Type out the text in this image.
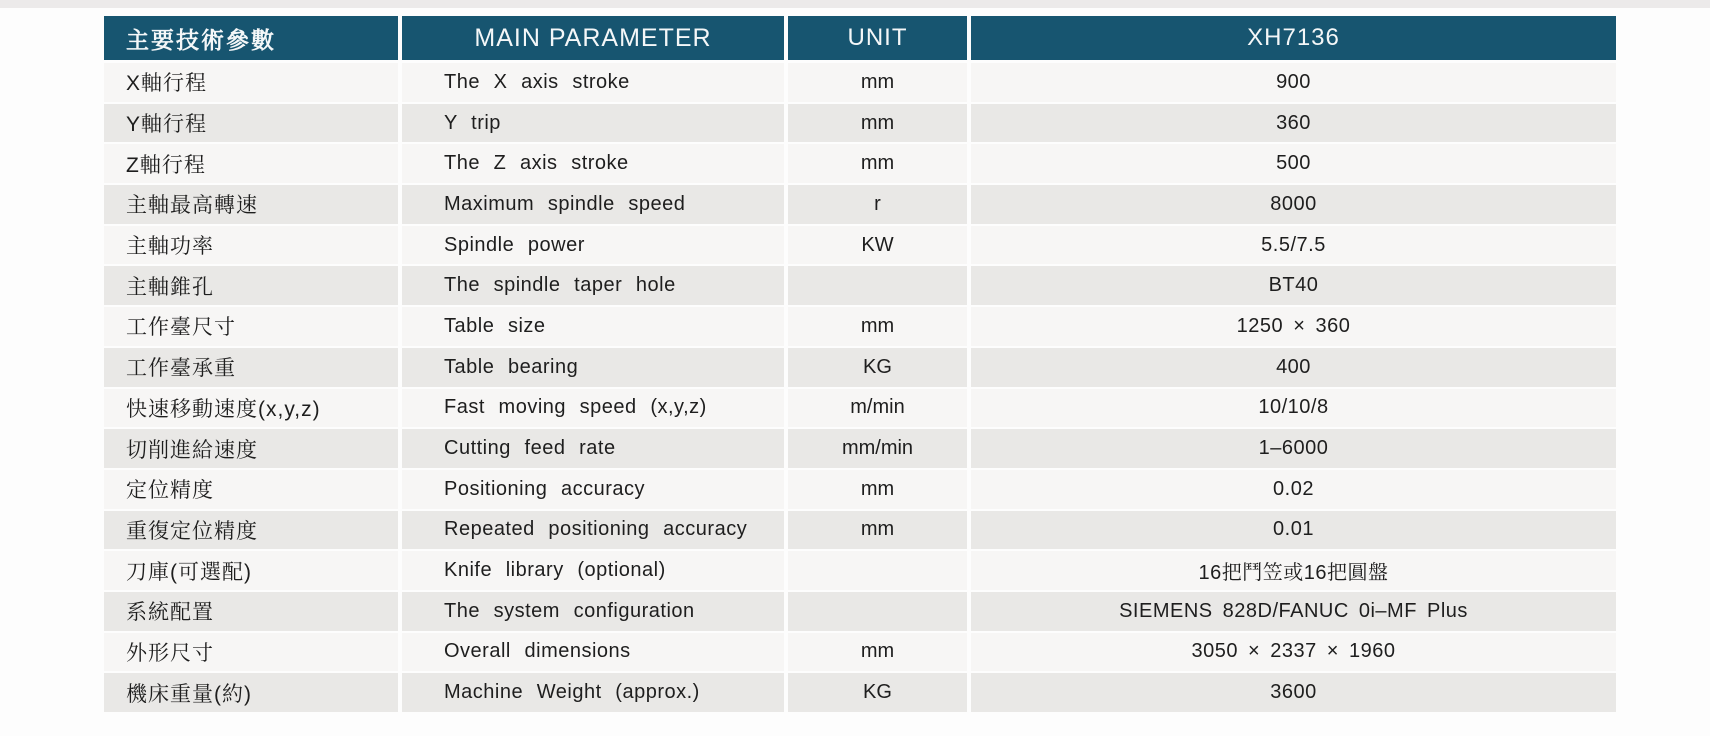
主要技術參數	MAIN PARAMETER	UNIT	XH7136
X軸行程	The X axis stroke	mm	900
Y軸行程	Y trip	mm	360
Z軸行程	The Z axis stroke	mm	500
主軸最高轉速	Maximum spindle speed	r	8000
主軸功率	Spindle power	KW	5.5/7.5
主軸錐孔	The spindle taper hole		BT40
工作臺尺寸	Table size	mm	1250 × 360
工作臺承重	Table bearing	KG	400
快速移動速度(x,y,z)	Fast moving speed (x,y,z)	m/min	10/10/8
切削進給速度	Cutting feed rate	mm/min	1–6000
定位精度	Positioning accuracy	mm	0.02
重復定位精度	Repeated positioning accuracy	mm	0.01
刀庫(可選配)	Knife library (optional)		16把鬥笠或16把圓盤
系統配置	The system configuration		SIEMENS 828D/FANUC 0i–MF Plus
外形尺寸	Overall dimensions	mm	3050 × 2337 × 1960
機床重量(約)	Machine Weight (approx.)	KG	3600
